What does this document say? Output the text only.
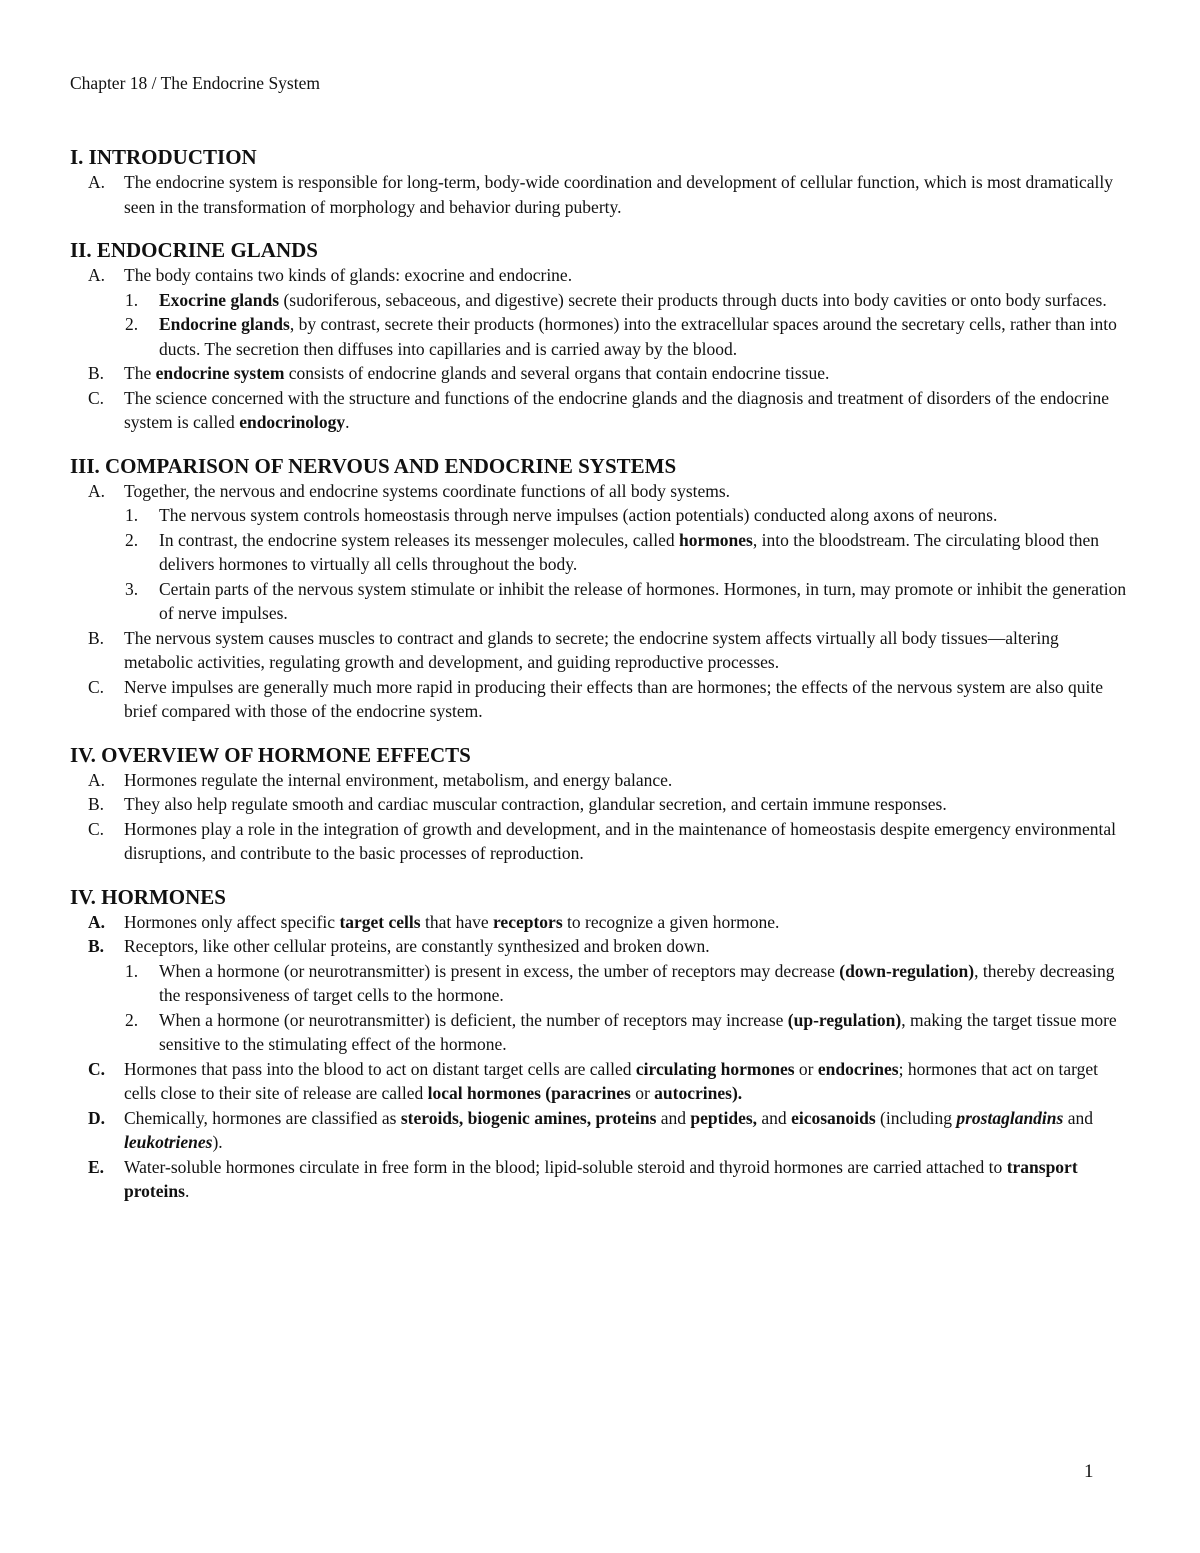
Chapter 18 / The Endocrine System
I. INTRODUCTION
A. The endocrine system is responsible for long-term, body-wide coordination and development of cellular function, which is most dramatically seen in the transformation of morphology and behavior during puberty.
II. ENDOCRINE GLANDS
A. The body contains two kinds of glands: exocrine and endocrine.
1. Exocrine glands (sudoriferous, sebaceous, and digestive) secrete their products through ducts into body cavities or onto body surfaces.
2. Endocrine glands, by contrast, secrete their products (hormones) into the extracellular spaces around the secretary cells, rather than into ducts. The secretion then diffuses into capillaries and is carried away by the blood.
B. The endocrine system consists of endocrine glands and several organs that contain endocrine tissue.
C. The science concerned with the structure and functions of the endocrine glands and the diagnosis and treatment of disorders of the endocrine system is called endocrinology.
III. COMPARISON OF NERVOUS AND ENDOCRINE SYSTEMS
A. Together, the nervous and endocrine systems coordinate functions of all body systems.
1. The nervous system controls homeostasis through nerve impulses (action potentials) conducted along axons of neurons.
2. In contrast, the endocrine system releases its messenger molecules, called hormones, into the bloodstream. The circulating blood then delivers hormones to virtually all cells throughout the body.
3. Certain parts of the nervous system stimulate or inhibit the release of hormones. Hormones, in turn, may promote or inhibit the generation of nerve impulses.
B. The nervous system causes muscles to contract and glands to secrete; the endocrine system affects virtually all body tissues—altering metabolic activities, regulating growth and development, and guiding reproductive processes.
C. Nerve impulses are generally much more rapid in producing their effects than are hormones; the effects of the nervous system are also quite brief compared with those of the endocrine system.
IV. OVERVIEW OF HORMONE EFFECTS
A. Hormones regulate the internal environment, metabolism, and energy balance.
B. They also help regulate smooth and cardiac muscular contraction, glandular secretion, and certain immune responses.
C. Hormones play a role in the integration of growth and development, and in the maintenance of homeostasis despite emergency environmental disruptions, and contribute to the basic processes of reproduction.
IV. HORMONES
A. Hormones only affect specific target cells that have receptors to recognize a given hormone.
B. Receptors, like other cellular proteins, are constantly synthesized and broken down.
1. When a hormone (or neurotransmitter) is present in excess, the umber of receptors may decrease (down-regulation), thereby decreasing the responsiveness of target cells to the hormone.
2. When a hormone (or neurotransmitter) is deficient, the number of receptors may increase (up-regulation), making the target tissue more sensitive to the stimulating effect of the hormone.
C. Hormones that pass into the blood to act on distant target cells are called circulating hormones or endocrines; hormones that act on target cells close to their site of release are called local hormones (paracrines or autocrines).
D. Chemically, hormones are classified as steroids, biogenic amines, proteins and peptides, and eicosanoids (including prostaglandins and leukotrienes).
E. Water-soluble hormones circulate in free form in the blood; lipid-soluble steroid and thyroid hormones are carried attached to transport proteins.
1
